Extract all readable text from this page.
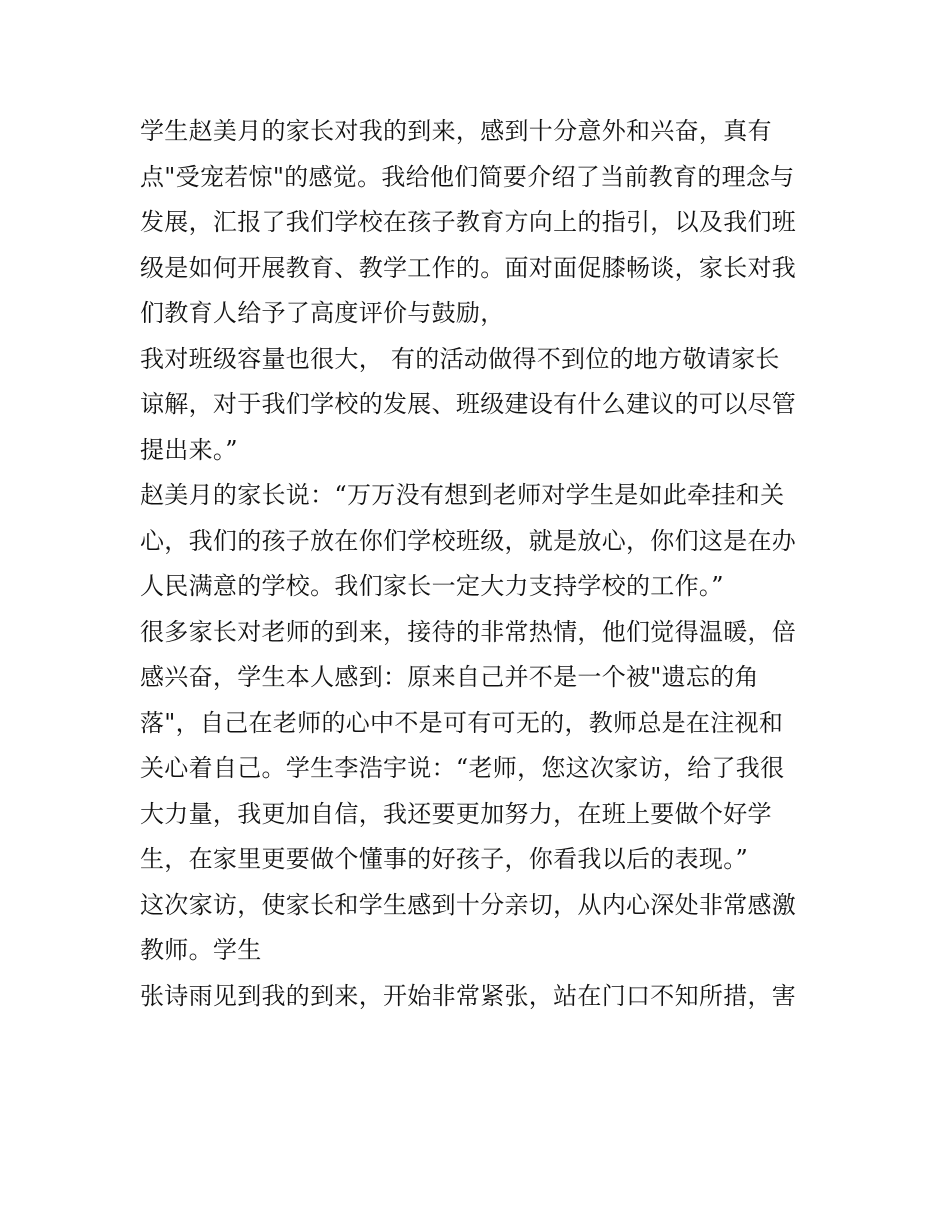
学生赵美月的家长对我的到来，感到十分意外和兴奋，真有
点"受宠若惊"的感觉。我给他们简要介绍了当前教育的理念与
发展，汇报了我们学校在孩子教育方向上的指引，以及我们班
级是如何开展教育、教学工作的。面对面促膝畅谈，家长对我
们教育人给予了高度评价与鼓励，
我对班级容量也很大， 有的活动做得不到位的地方敬请家长
谅解，对于我们学校的发展、班级建设有什么建议的可以尽管
提出来。”
赵美月的家长说：“万万没有想到老师对学生是如此牵挂和关
心，我们的孩子放在你们学校班级，就是放心，你们这是在办
人民满意的学校。我们家长一定大力支持学校的工作。”
很多家长对老师的到来，接待的非常热情，他们觉得温暖，倍
感兴奋，学生本人感到：原来自己并不是一个被"遗忘的角
落"，自己在老师的心中不是可有可无的，教师总是在注视和
关心着自己。学生李浩宇说：“老师，您这次家访，给了我很
大力量，我更加自信，我还要更加努力，在班上要做个好学
生，在家里更要做个懂事的好孩子，你看我以后的表现。”
这次家访，使家长和学生感到十分亲切，从内心深处非常感激
教师。学生
张诗雨见到我的到来，开始非常紧张，站在门口不知所措，害
